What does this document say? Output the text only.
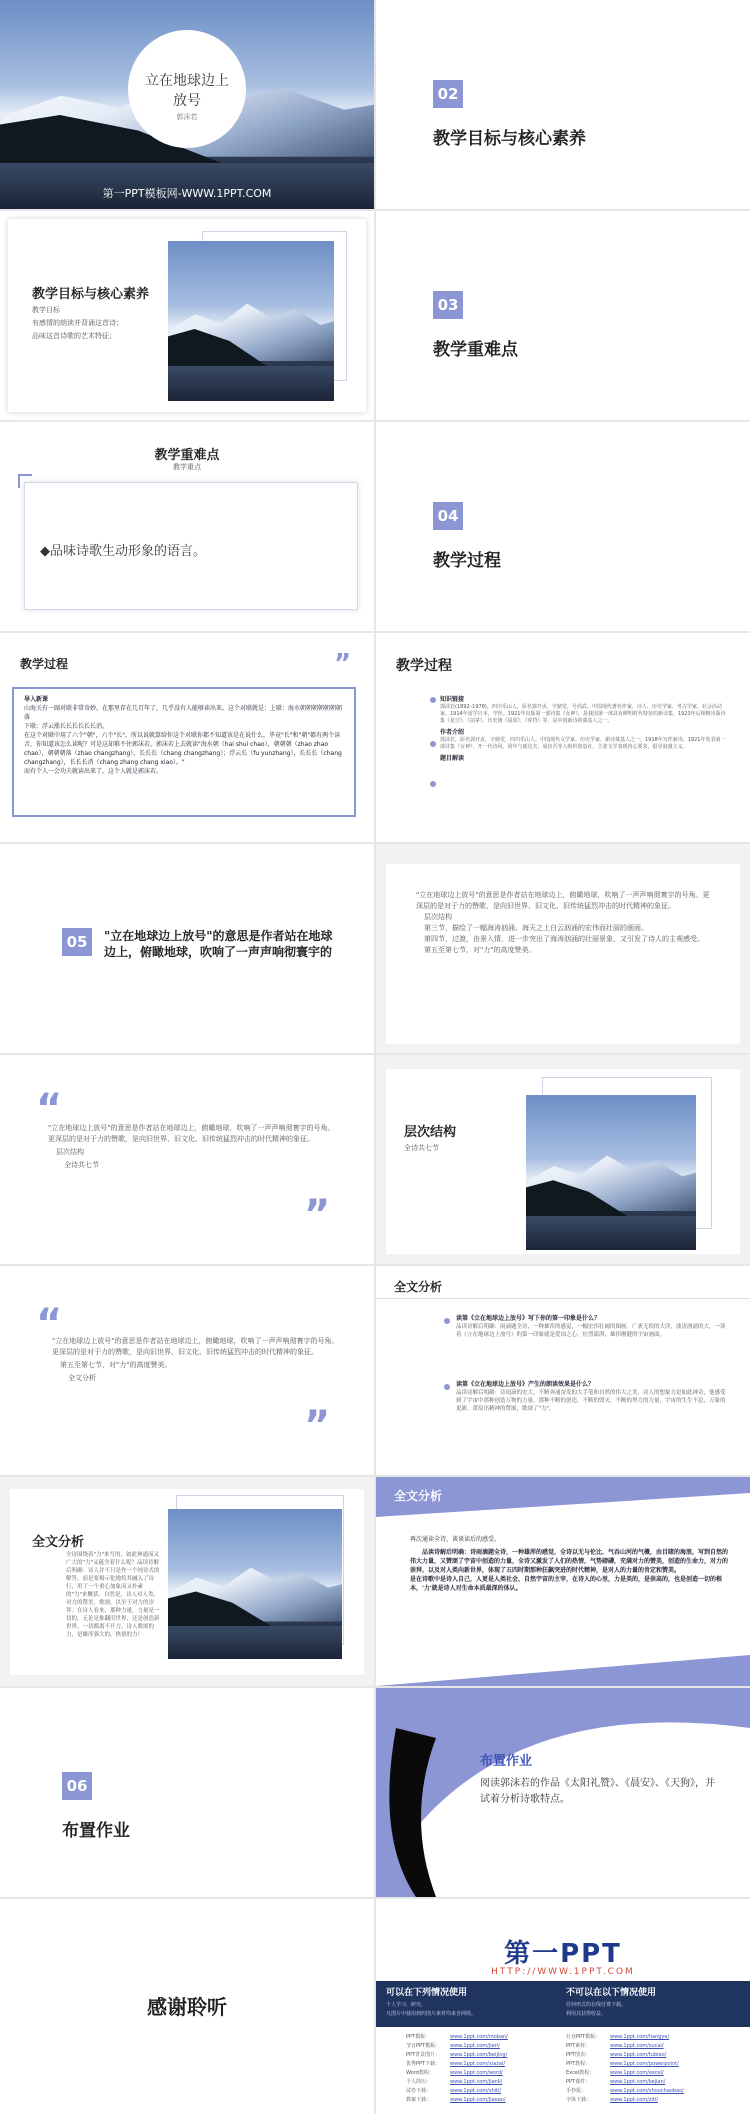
立在地球边上
放号
郭沫若
第一PPT模板网-WWW.1PPT.COM
02
教学目标与核心素养
教学目标与核心素养
教学目标
有感情的朗读并背诵这首诗；
品味这首诗歌的艺术特征；
03
教学重难点
教学重难点
教学重点
◆品味诗歌生动形象的语言。
04
教学过程
教学过程	”
导入新课
山海关有一副对联非常奇妙，在那里存在几百年了，几乎没有人能够读出来。这个对联就是：上联：海水朝朝朝朝朝朝朝落
下联：浮云涨长长长长长长消。
在这个对联中用了六个"朝"，六个"长"，所以说就算给你这个对联你都不知道该是在说什么，毕竟"长"和"朝"都有两个读音，你知道该怎么读呢？可是这却难不住郭沫若，郭沫若上去就读"海水朝（hai shui chao），朝朝朝（zhao zhao chao），朝朝朝落（zhao changzhang），长长长（chang changzhang）；浮云长（fu yunzhang），长长长（chang changzhang），长长长消（chang zhang chang xiao）。"
而有个人一会功夫就读出来了，这个人就是郭沫若。
教学过程
知识链接
郭沫若(1892–1978)，四川乐山人，原名郭开贞，字鼎堂，号尚武。中国现代著名作家、诗人、历史学家、考古学家、社会活动家。1914年留学日本，学医。1921年出版第一部诗集《女神》，是我国第一部具有鲜明时代特征的新诗集。1923年后相继出版诗集《星空》、《前茅》，历史剧《屈原》、《虎符》等，是中国新诗的奠基人之一。
作者介绍
郭沫若，原名郭开贞，字鼎堂，四川乐山人。中国现代文学家、历史学家、新诗奠基人之一。1918年写作新诗，1921年发表第一部诗集《女神》，开一代诗风。同年与郁达夫、成仿吾等人组织创造社，主张文学表现内心要求，倡导浪漫主义。
题目解读
05	"立在地球边上放号"的意思是作者站在地球边上，俯瞰地球，吹响了一声声响彻寰宇的
"立在地球边上放号"的意思是作者站在地球边上，俯瞰地球，吹响了一声声响彻寰宇的号角。更深层的是对于力的赞歌，是向旧世界、旧文化、旧传统猛烈冲击的时代精神的象征。
层次结构
第三节，描绘了一幅海涛汹涌、海天之上白云汹涌的宏伟而壮丽的画面。
第四节，过渡，由景入情，进一步突出了海涛汹涌的壮丽景象，又引发了诗人的主观感受。
第五至第七节，对"力"的高度赞美。
“
"立在地球边上放号"的意思是作者站在地球边上，俯瞰地球，吹响了一声声响彻寰宇的号角。更深层的是对于力的赞歌，是向旧世界、旧文化、旧传统猛烈冲击的时代精神的象征。
层次结构
全诗共七节
”
层次结构
全诗共七节
“
"立在地球边上放号"的意思是作者站在地球边上，俯瞰地球，吹响了一声声响彻寰宇的号角。更深层的是对于力的赞歌，是向旧世界、旧文化、旧传统猛烈冲击的时代精神的象征。
第五至第七节，对"力"的高度赞美。
全文分析
”
全文分析
读第《立在地球边上放号》写下你的第一印象是什么？
品读诗解后明确：雨滴题全诗，一种雄浑的感觉，一幅宏伟壮阔的图画。广袤无垠的大洋，波涛汹涌的大，一读着《立在地球边上放号》的第一印象就是爱国之心，壮烈澎湃，雄伟刚健的宇宙画面。
读第《立在地球边上放号》产生的朗读效果是什么？
品读诗解后明确：诗雨滴的宏大，不断奔涌奋发的大手笔和自然的伟大之美，诗人的想象力是如此神奇，他感受到了宇宙中那种创造万物的力量，那种不断的创造，不断的毁灭，不断的努力的力量，宇宙的生生不息，万象的更新，黄原出精神的赞颂，歌颂了"力"。
全文分析
全诗围绕着"力"来写的，如此神通而又广大的"力"又蕴含着什么呢？品读诗解后明确：诗人并不只是作一个纯诗式的解答，而是要揭示化地将其融入了诗行，用了一个重心加象而又朴素的"力"来概括。自然是，诗人对人类、对力的赞美。歌颂，以至于对力的崇拜。在诗人看来，那种力量，力量是一切的，无论是推翻旧世界，还是创造新世界，一切都离不开力。诗人歌颂的力，是雄浑强大的，热情的力！
全文分析
再次通读全诗，谈谈读后的感受。
品读诗解后明确：诗雨滴题全诗，一种雄浑的感觉，全诗以无与伦比、气吞山河的气概，由目睹的海浪，写到自然的伟大力量，又赞颂了宇宙中创造的力量，全诗又激发了人们的热情，气势磅礴，充满对力的赞美，创造的生命力，对力的崇拜，以及对人类向新世界，体现了五四时期那种狂飙突进的时代精神，是对人的力量的肯定和赞美。
是在诗歌中是诗人自己，人更是人类社会、自然宇宙的主宰，在诗人的心里，力是美的，是崇高的，也是创造一切的根本，'力'就是诗人对生命本质最深的体认。
06
布置作业
布置作业
阅读郭沫若的作品《太阳礼赞》、《晨安》、《天狗》，并试着分析诗歌特点。
感谢聆听
第一PPT
HTTP://WWW.1PPT.COM
可以在下列情况使用
个人学习、研究。
凡图片中使用到的图片素材均来自网络。
不可以在以下情况使用
任何形式的在线付费下载。
利用其获得收益。
PPT模板：	www.1ppt.com/moban/
节日PPT模板： www.1ppt.com/jieri/
PPT背景图片： www.1ppt.com/beijing/
优秀PPT下载： www.1ppt.com/xiazai/
Word教程：	www.1ppt.com/word/
个人简历：	www.1ppt.com/jianli/
试卷下载：	www.1ppt.com/shiti/
教案下载：	www.1ppt.com/jiaoan/
行业PPT模板： www.1ppt.com/hangye/
PPT素材：	www.1ppt.com/sucai/
PPT图表：	www.1ppt.com/tubiao/
PPT教程：	www.1ppt.com/powerpoint/
Excel教程：	www.1ppt.com/excel/
PPT课件：	www.1ppt.com/kejian/
手抄报：	www.1ppt.com/shouchaobao/
字体下载：	www.1ppt.com/ziti/
